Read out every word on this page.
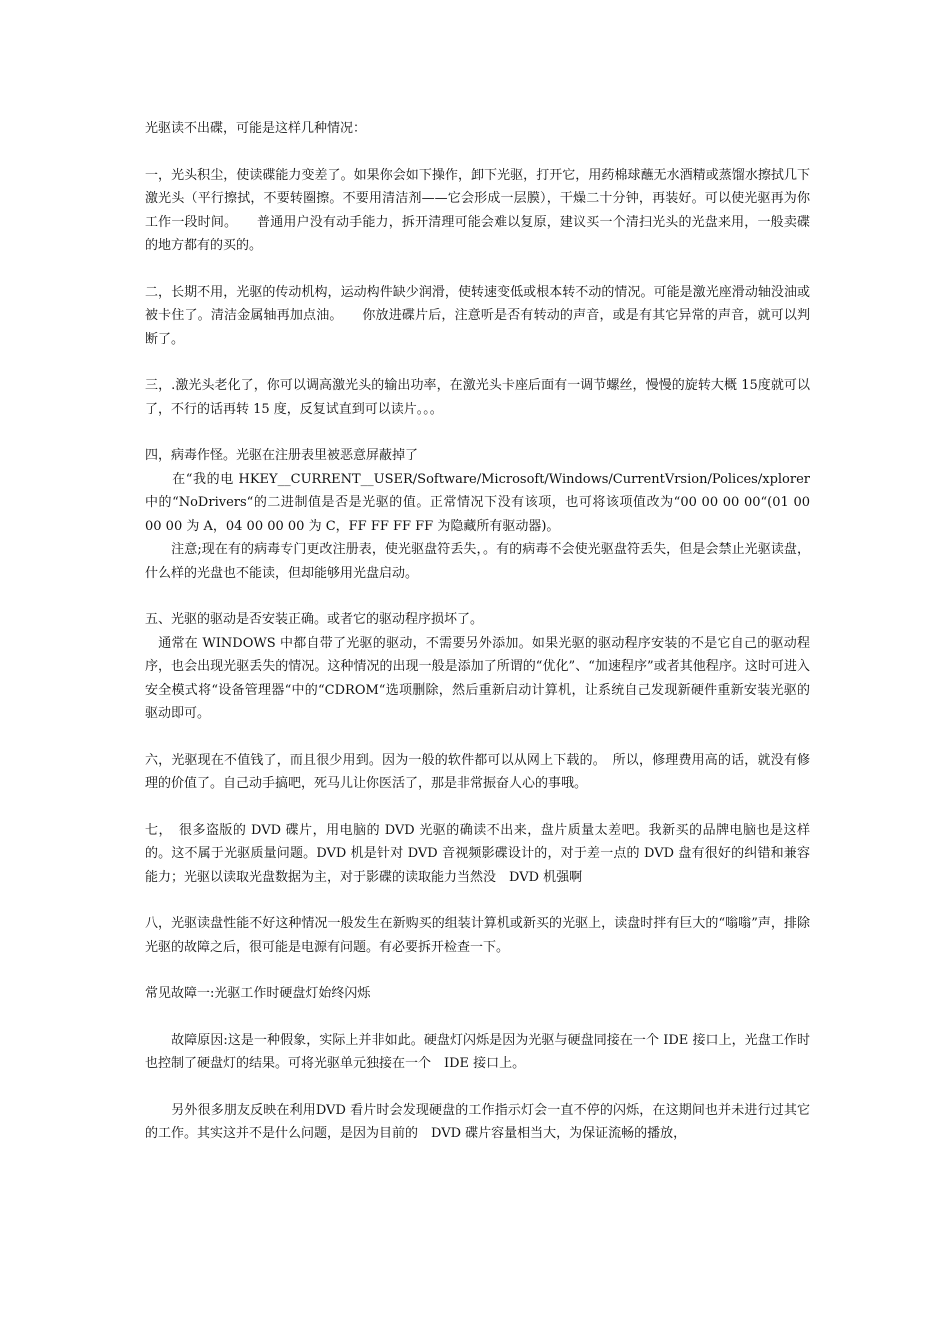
光驱读不出碟，可能是这样几种情况：

一，光头积尘，使读碟能力变差了。如果你会如下操作，卸下光驱，打开它，用药棉球蘸无水酒精或蒸馏水擦拭几下激光头（平行擦拭，不要转圈擦。不要用清洁剂——它会形成一层膜），干燥二十分钟，再装好。可以使光驱再为你工作一段时间。　　普通用户没有动手能力，拆开清理可能会难以复原，建议买一个清扫光头的光盘来用，一般卖碟的地方都有的买的。

二，长期不用，光驱的传动机构，运动构件缺少润滑，使转速变低或根本转不动的情况。可能是激光座滑动轴没油或被卡住了。清洁金属轴再加点油。　　你放进碟片后，注意听是否有转动的声音，或是有其它异常的声音，就可以判断了。

三，.激光头老化了，你可以调高激光头的输出功率，在激光头卡座后面有一调节螺丝，慢慢的旋转大概 15度就可以了，不行的话再转 15 度，反复试直到可以读片。。。

四，病毒作怪。光驱在注册表里被恶意屏蔽掉了

　　在“我的电 HKEY__CURRENT__USER/Software/Microsoft/Windows/CurrentVrsion/Polices/xplorer 中的“NoDrivers“的二进制值是否是光驱的值。正常情况下没有该项，也可将该项值改为“00 00 00 00“(01 00 00 00 为 A，04 00 00 00 为 C，FF FF FF FF 为隐藏所有驱动器)。

　　注意;现在有的病毒专门更改注册表，使光驱盘符丢失，。有的病毒不会使光驱盘符丢失，但是会禁止光驱读盘，什么样的光盘也不能读，但却能够用光盘启动。

五、光驱的驱动是否安装正确。或者它的驱动程序损坏了。

　通常在 WINDOWS 中都自带了光驱的驱动，不需要另外添加。如果光驱的驱动程序安装的不是它自己的驱动程序，也会出现光驱丢失的情况。这种情况的出现一般是添加了所谓的“优化”、“加速程序”或者其他程序。这时可进入安全模式将“设备管理器“中的“CDROM“选项删除，然后重新启动计算机，让系统自己发现新硬件重新安装光驱的驱动即可。

六，光驱现在不值钱了，而且很少用到。因为一般的软件都可以从网上下载的。　所以，修理费用高的话，就没有修理的价值了。自己动手搞吧，死马儿让你医活了，那是非常振奋人心的事哦。

七，　很多盗版的 DVD 碟片，用电脑的 DVD 光驱的确读不出来，盘片质量太差吧。我新买的品牌电脑也是这样的。这不属于光驱质量问题。DVD 机是针对 DVD 音视频影碟设计的，对于差一点的 DVD 盘有很好的纠错和兼容能力；光驱以读取光盘数据为主，对于影碟的读取能力当然没　DVD 机强啊

八，光驱读盘性能不好这种情况一般发生在新购买的组装计算机或新买的光驱上，读盘时拌有巨大的“嗡嗡”声，排除光驱的故障之后，很可能是电源有问题。有必要拆开检查一下。

常见故障一:光驱工作时硬盘灯始终闪烁

　　故障原因:这是一种假象，实际上并非如此。硬盘灯闪烁是因为光驱与硬盘同接在一个 IDE 接口上，光盘工作时也控制了硬盘灯的结果。可将光驱单元独接在一个　IDE 接口上。

　　另外很多朋友反映在利用DVD 看片时会发现硬盘的工作指示灯会一直不停的闪烁，在这期间也并未进行过其它的工作。其实这并不是什么问题，是因为目前的　DVD 碟片容量相当大，为保证流畅的播放，
